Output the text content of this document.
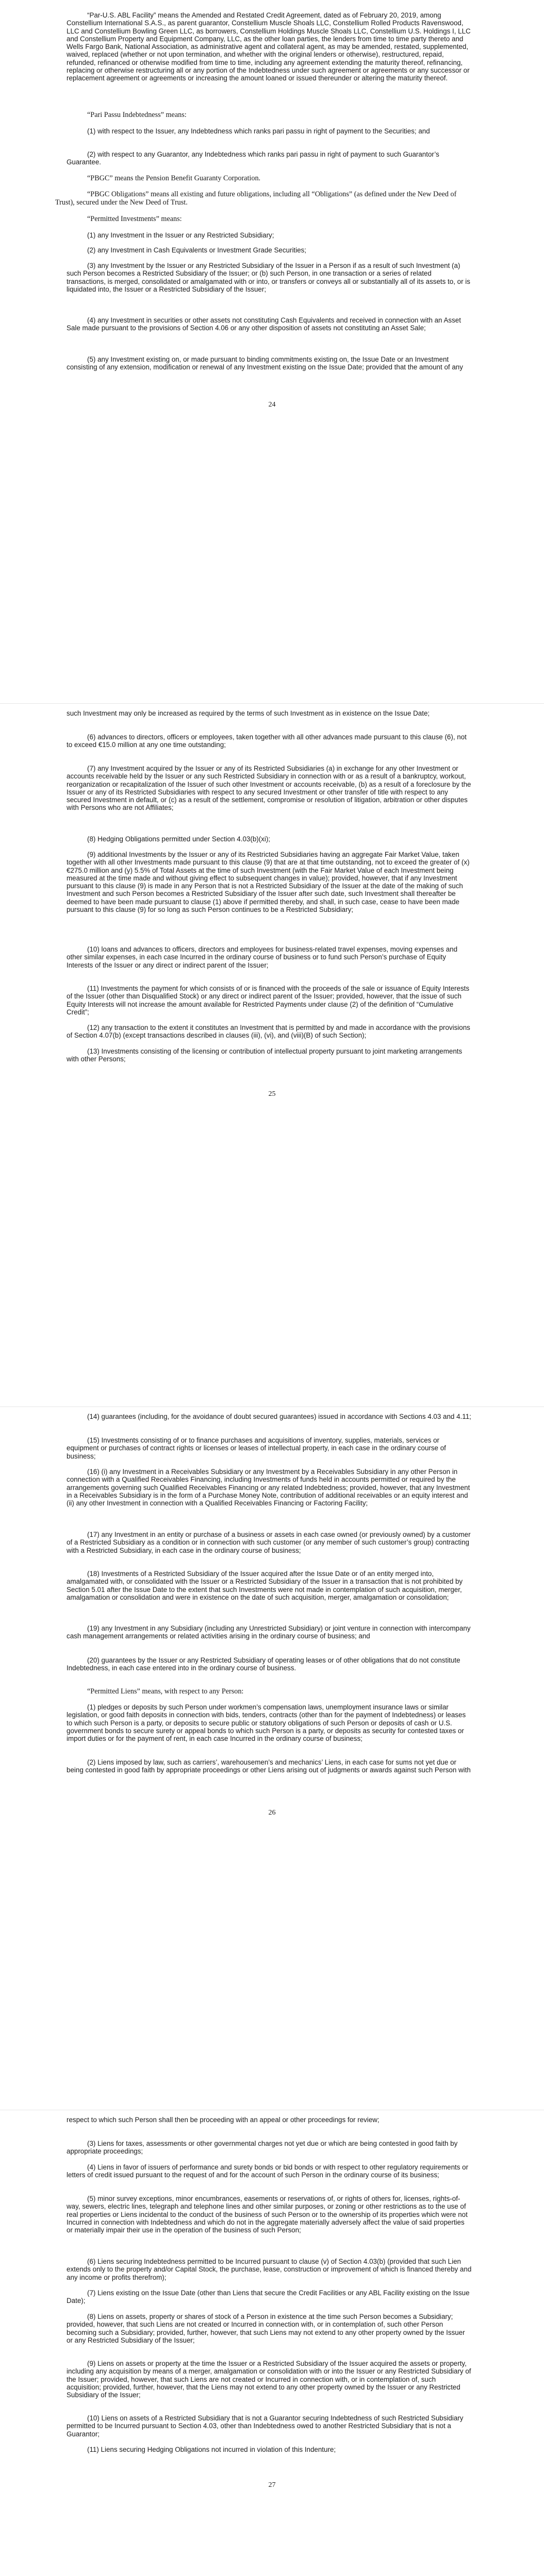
“Par-U.S. ABL Facility” means the Amended and Restated Credit Agreement, dated as of February 20, 2019, among Constellium International S.A.S., as parent guarantor, Constellium Muscle Shoals LLC, Constellium Rolled Products Ravenswood, LLC and Constellium Bowling Green LLC, as borrowers, Constellium Holdings Muscle Shoals LLC, Constellium U.S. Holdings I, LLC and Constellium Property and Equipment Company, LLC, as the other loan parties, the lenders from time to time party thereto and Wells Fargo Bank, National Association, as administrative agent and collateral agent, as may be amended, restated, supplemented, waived, replaced (whether or not upon termination, and whether with the original lenders or otherwise), restructured, repaid, refunded, refinanced or otherwise modified from time to time, including any agreement extending the maturity thereof, refinancing, replacing or otherwise restructuring all or any portion of the Indebtedness under such agreement or agreements or any successor or replacement agreement or agreements or increasing the amount loaned or issued thereunder or altering the maturity thereof.

“Pari Passu Indebtedness” means:

(1) with respect to the Issuer, any Indebtedness which ranks pari passu in right of payment to the Securities; and

(2) with respect to any Guarantor, any Indebtedness which ranks pari passu in right of payment to such Guarantor’s Guarantee.

“PBGC” means the Pension Benefit Guaranty Corporation.

“PBGC Obligations” means all existing and future obligations, including all “Obligations” (as defined under the New Deed of Trust), secured under the New Deed of Trust.

“Permitted Investments” means:

(1) any Investment in the Issuer or any Restricted Subsidiary;

(2) any Investment in Cash Equivalents or Investment Grade Securities;

(3) any Investment by the Issuer or any Restricted Subsidiary of the Issuer in a Person if as a result of such Investment (a) such Person becomes a Restricted Subsidiary of the Issuer; or (b) such Person, in one transaction or a series of related transactions, is merged, consolidated or amalgamated with or into, or transfers or conveys all or substantially all of its assets to, or is liquidated into, the Issuer or a Restricted Subsidiary of the Issuer;

(4) any Investment in securities or other assets not constituting Cash Equivalents and received in connection with an Asset Sale made pursuant to the provisions of Section 4.06 or any other disposition of assets not constituting an Asset Sale;

(5) any Investment existing on, or made pursuant to binding commitments existing on, the Issue Date or an Investment consisting of any extension, modification or renewal of any Investment existing on the Issue Date; provided that the amount of any

24

such Investment may only be increased as required by the terms of such Investment as in existence on the Issue Date;

(6) advances to directors, officers or employees, taken together with all other advances made pursuant to this clause (6), not to exceed €15.0 million at any one time outstanding;

(7) any Investment acquired by the Issuer or any of its Restricted Subsidiaries (a) in exchange for any other Investment or accounts receivable held by the Issuer or any such Restricted Subsidiary in connection with or as a result of a bankruptcy, workout, reorganization or recapitalization of the Issuer of such other Investment or accounts receivable, (b) as a result of a foreclosure by the Issuer or any of its Restricted Subsidiaries with respect to any secured Investment or other transfer of title with respect to any secured Investment in default, or (c) as a result of the settlement, compromise or resolution of litigation, arbitration or other disputes with Persons who are not Affiliates;

(8) Hedging Obligations permitted under Section 4.03(b)(xi);

(9) additional Investments by the Issuer or any of its Restricted Subsidiaries having an aggregate Fair Market Value, taken together with all other Investments made pursuant to this clause (9) that are at that time outstanding, not to exceed the greater of (x) €275.0 million and (y) 5.5% of Total Assets at the time of such Investment (with the Fair Market Value of each Investment being measured at the time made and without giving effect to subsequent changes in value); provided, however, that if any Investment pursuant to this clause (9) is made in any Person that is not a Restricted Subsidiary of the Issuer at the date of the making of such Investment and such Person becomes a Restricted Subsidiary of the Issuer after such date, such Investment shall thereafter be deemed to have been made pursuant to clause (1) above if permitted thereby, and shall, in such case, cease to have been made pursuant to this clause (9) for so long as such Person continues to be a Restricted Subsidiary;

(10) loans and advances to officers, directors and employees for business-related travel expenses, moving expenses and other similar expenses, in each case Incurred in the ordinary course of business or to fund such Person’s purchase of Equity Interests of the Issuer or any direct or indirect parent of the Issuer;

(11) Investments the payment for which consists of or is financed with the proceeds of the sale or issuance of Equity Interests of the Issuer (other than Disqualified Stock) or any direct or indirect parent of the Issuer; provided, however, that the issue of such Equity Interests will not increase the amount available for Restricted Payments under clause (2) of the definition of “Cumulative Credit”;

(12) any transaction to the extent it constitutes an Investment that is permitted by and made in accordance with the provisions of Section 4.07(b) (except transactions described in clauses (iii), (vi), and (viii)(B) of such Section);

(13) Investments consisting of the licensing or contribution of intellectual property pursuant to joint marketing arrangements with other Persons;

25

(14) guarantees (including, for the avoidance of doubt secured guarantees) issued in accordance with Sections 4.03 and 4.11;

(15) Investments consisting of or to finance purchases and acquisitions of inventory, supplies, materials, services or equipment or purchases of contract rights or licenses or leases of intellectual property, in each case in the ordinary course of business;

(16) (i) any Investment in a Receivables Subsidiary or any Investment by a Receivables Subsidiary in any other Person in connection with a Qualified Receivables Financing, including Investments of funds held in accounts permitted or required by the arrangements governing such Qualified Receivables Financing or any related Indebtedness; provided, however, that any Investment in a Receivables Subsidiary is in the form of a Purchase Money Note, contribution of additional receivables or an equity interest and (ii) any other Investment in connection with a Qualified Receivables Financing or Factoring Facility;

(17) any Investment in an entity or purchase of a business or assets in each case owned (or previously owned) by a customer of a Restricted Subsidiary as a condition or in connection with such customer (or any member of such customer’s group) contracting with a Restricted Subsidiary, in each case in the ordinary course of business;

(18) Investments of a Restricted Subsidiary of the Issuer acquired after the Issue Date or of an entity merged into, amalgamated with, or consolidated with the Issuer or a Restricted Subsidiary of the Issuer in a transaction that is not prohibited by Section 5.01 after the Issue Date to the extent that such Investments were not made in contemplation of such acquisition, merger, amalgamation or consolidation and were in existence on the date of such acquisition, merger, amalgamation or consolidation;

(19) any Investment in any Subsidiary (including any Unrestricted Subsidiary) or joint venture in connection with intercompany cash management arrangements or related activities arising in the ordinary course of business; and

(20) guarantees by the Issuer or any Restricted Subsidiary of operating leases or of other obligations that do not constitute Indebtedness, in each case entered into in the ordinary course of business.

“Permitted Liens” means, with respect to any Person:

(1) pledges or deposits by such Person under workmen’s compensation laws, unemployment insurance laws or similar legislation, or good faith deposits in connection with bids, tenders, contracts (other than for the payment of Indebtedness) or leases to which such Person is a party, or deposits to secure public or statutory obligations of such Person or deposits of cash or U.S. government bonds to secure surety or appeal bonds to which such Person is a party, or deposits as security for contested taxes or import duties or for the payment of rent, in each case Incurred in the ordinary course of business;

(2) Liens imposed by law, such as carriers’, warehousemen’s and mechanics’ Liens, in each case for sums not yet due or being contested in good faith by appropriate proceedings or other Liens arising out of judgments or awards against such Person with

26

respect to which such Person shall then be proceeding with an appeal or other proceedings for review;

(3) Liens for taxes, assessments or other governmental charges not yet due or which are being contested in good faith by appropriate proceedings;

(4) Liens in favor of issuers of performance and surety bonds or bid bonds or with respect to other regulatory requirements or letters of credit issued pursuant to the request of and for the account of such Person in the ordinary course of its business;

(5) minor survey exceptions, minor encumbrances, easements or reservations of, or rights of others for, licenses, rights-of-way, sewers, electric lines, telegraph and telephone lines and other similar purposes, or zoning or other restrictions as to the use of real properties or Liens incidental to the conduct of the business of such Person or to the ownership of its properties which were not Incurred in connection with Indebtedness and which do not in the aggregate materially adversely affect the value of said properties or materially impair their use in the operation of the business of such Person;

(6) Liens securing Indebtedness permitted to be Incurred pursuant to clause (v) of Section 4.03(b) (provided that such Lien extends only to the property and/or Capital Stock, the purchase, lease, construction or improvement of which is financed thereby and any income or profits therefrom);

(7) Liens existing on the Issue Date (other than Liens that secure the Credit Facilities or any ABL Facility existing on the Issue Date);

(8) Liens on assets, property or shares of stock of a Person in existence at the time such Person becomes a Subsidiary; provided, however, that such Liens are not created or Incurred in connection with, or in contemplation of, such other Person becoming such a Subsidiary; provided, further, however, that such Liens may not extend to any other property owned by the Issuer or any Restricted Subsidiary of the Issuer;

(9) Liens on assets or property at the time the Issuer or a Restricted Subsidiary of the Issuer acquired the assets or property, including any acquisition by means of a merger, amalgamation or consolidation with or into the Issuer or any Restricted Subsidiary of the Issuer; provided, however, that such Liens are not created or Incurred in connection with, or in contemplation of, such acquisition; provided, further, however, that the Liens may not extend to any other property owned by the Issuer or any Restricted Subsidiary of the Issuer;

(10) Liens on assets of a Restricted Subsidiary that is not a Guarantor securing Indebtedness of such Restricted Subsidiary permitted to be Incurred pursuant to Section 4.03, other than Indebtedness owed to another Restricted Subsidiary that is not a Guarantor;

(11) Liens securing Hedging Obligations not incurred in violation of this Indenture;

27
